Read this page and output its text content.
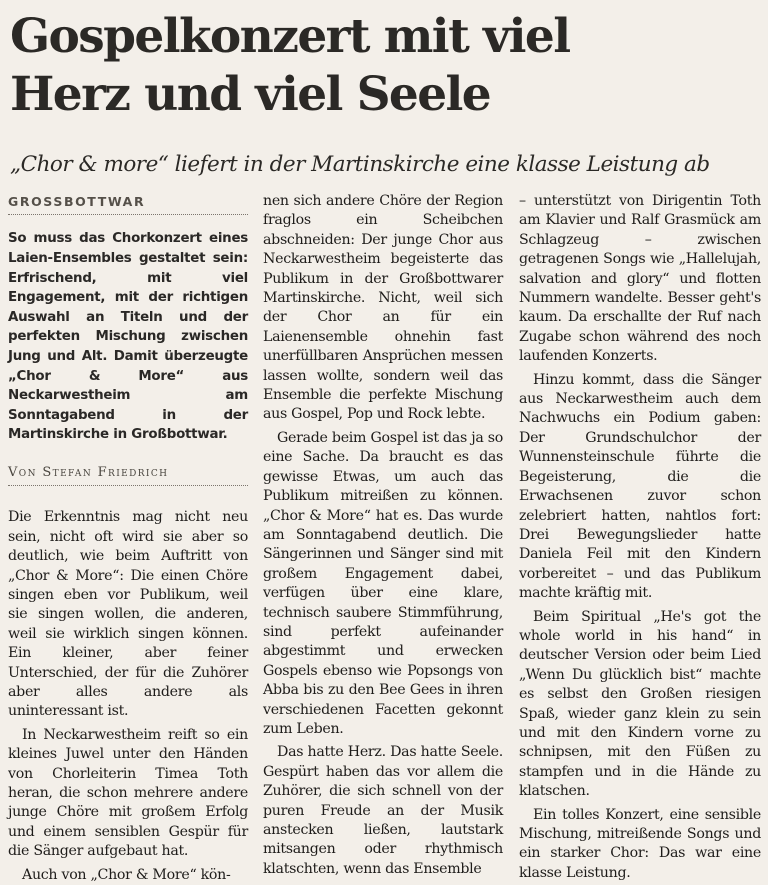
Gospelkonzert mit viel
Herz und viel Seele

„Chor & more“ liefert in der Martinskirche eine klasse Leistung ab

GROSSBOTTWAR

So muss das Chorkonzert eines Laien-Ensembles gestaltet sein: Erfrischend, mit viel Engagement, mit der richtigen Auswahl an Titeln und der perfekten Mischung zwischen Jung und Alt. Damit überzeugte „Chor & More“ aus Neckarwestheim am Sonntagabend in der Martinskirche in Großbottwar.

Von Stefan Friedrich

Die Erkenntnis mag nicht neu sein, nicht oft wird sie aber so deutlich, wie beim Auftritt von „Chor & More“: Die einen Chöre singen eben vor Publikum, weil sie singen wollen, die anderen, weil sie wirklich singen können. Ein kleiner, aber feiner Unterschied, der für die Zuhörer aber alles andere als uninteressant ist.

In Neckarwestheim reift so ein kleines Juwel unter den Händen von Chorleiterin Timea Toth heran, die schon mehrere andere junge Chöre mit großem Erfolg und einem sensiblen Gespür für die Sänger aufgebaut hat.

Auch von „Chor & More“ kön-

nen sich andere Chöre der Region fraglos ein Scheibchen abschneiden: Der junge Chor aus Neckarwestheim begeisterte das Publikum in der Großbottwarer Martinskirche. Nicht, weil sich der Chor an für ein Laienensemble ohnehin fast unerfüllbaren Ansprüchen messen lassen wollte, sondern weil das Ensemble die perfekte Mischung aus Gospel, Pop und Rock lebte.

Gerade beim Gospel ist das ja so eine Sache. Da braucht es das gewisse Etwas, um auch das Publikum mitreißen zu können. „Chor & More“ hat es. Das wurde am Sonntagabend deutlich. Die Sängerinnen und Sänger sind mit großem Engagement dabei, verfügen über eine klare, technisch saubere Stimmführung, sind perfekt aufeinander abgestimmt und erwecken Gospels ebenso wie Popsongs von Abba bis zu den Bee Gees in ihren verschiedenen Facetten gekonnt zum Leben.

Das hatte Herz. Das hatte Seele. Gespürt haben das vor allem die Zuhörer, die sich schnell von der puren Freude an der Musik anstecken ließen, lautstark mitsangen oder rhythmisch klatschten, wenn das Ensemble

– unterstützt von Dirigentin Toth am Klavier und Ralf Grasmück am Schlagzeug – zwischen getragenen Songs wie „Hallelujah, salvation and glory“ und flotten Nummern wandelte. Besser geht's kaum. Da erschallte der Ruf nach Zugabe schon während des noch laufenden Konzerts.

Hinzu kommt, dass die Sänger aus Neckarwestheim auch dem Nachwuchs ein Podium gaben: Der Grundschulchor der Wunnensteinschule führte die Begeisterung, die die Erwachsenen zuvor schon zelebriert hatten, nahtlos fort: Drei Bewegungslieder hatte Daniela Feil mit den Kindern vorbereitet – und das Publikum machte kräftig mit.

Beim Spiritual „He's got the whole world in his hand“ in deutscher Version oder beim Lied „Wenn Du glücklich bist“ machte es selbst den Großen riesigen Spaß, wieder ganz klein zu sein und mit den Kindern vorne zu schnipsen, mit den Füßen zu stampfen und in die Hände zu klatschen.

Ein tolles Konzert, eine sensible Mischung, mitreißende Songs und ein starker Chor: Das war eine klasse Leistung.
